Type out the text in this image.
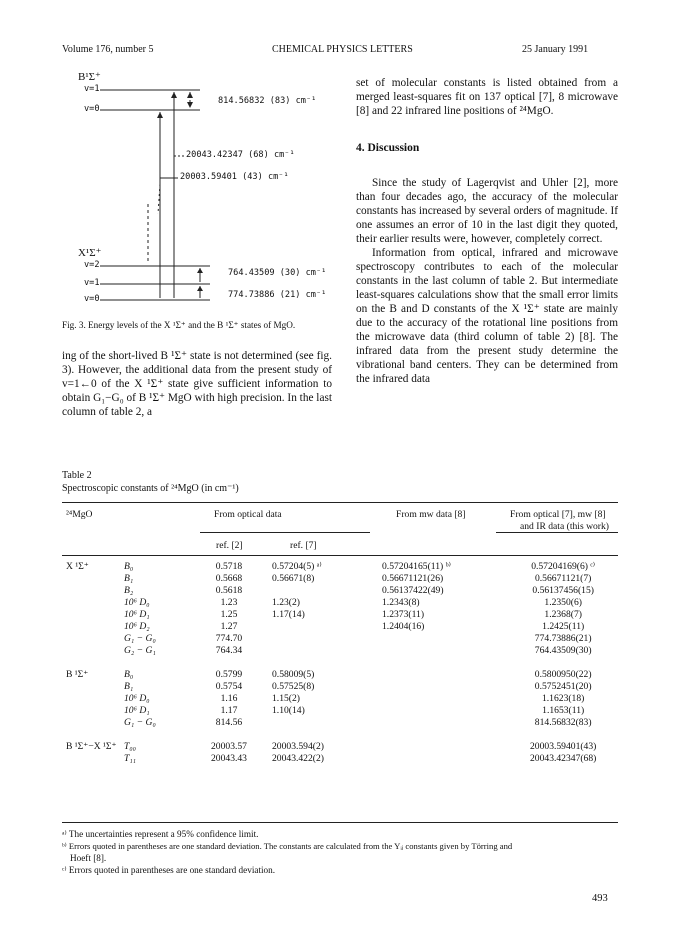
Volume 176, number 5	CHEMICAL PHYSICS LETTERS	25 January 1991
B¹Σ⁺
v=1
v=0
814.56832 (83) cm⁻¹
20043.42347 (68) cm⁻¹
20003.59401 (43) cm⁻¹
X¹Σ⁺
v=2
v=1
v=0
764.43509 (30) cm⁻¹
774.73886 (21) cm⁻¹
Fig. 3. Energy levels of the X ¹Σ⁺ and the B ¹Σ⁺ states of MgO.

ing of the short-lived B ¹Σ⁺ state is not determined (see fig. 3). However, the additional data from the present study of v=1←0 of the X ¹Σ⁺ state give sufficient information to obtain G₁−G₀ of B ¹Σ⁺ MgO with high precision. In the last column of table 2, a

set of molecular constants is listed obtained from a merged least-squares fit on 137 optical [7], 8 microwave [8] and 22 infrared line positions of ²⁴MgO.

4. Discussion

Since the study of Lagerqvist and Uhler [2], more than four decades ago, the accuracy of the molecular constants has increased by several orders of magnitude. If one assumes an error of 10 in the last digit they quoted, their earlier results were, however, completely correct.

Information from optical, infrared and microwave spectroscopy contributes to each of the molecular constants in the last column of table 2. But intermediate least-squares calculations show that the small error limits on the B and D constants of the X ¹Σ⁺ state are mainly due to the accuracy of the rotational line positions from the microwave data (third column of table 2) [8]. The infrared data from the present study determine the vibrational band centers. They can be determined from the infrared data

Table 2
Spectroscopic constants of ²⁴MgO (in cm⁻¹)
²⁴MgO	From optical data	From mw data [8]	From optical [7], mw [8]
and IR data (this work)
ref. [2]	ref. [7]
X ¹Σ⁺	B₀	0.5718	0.57204(5) ᵃ⁾	0.57204165(11) ᵇ⁾	0.57204169(6) ᶜ⁾
	B₁	0.5668	0.56671(8)	0.56671121(26)	0.56671121(7)
	B₂	0.5618		0.56137422(49)	0.56137456(15)
	10⁶ D₀	1.23	1.23(2)	1.2343(8)	1.2350(6)
	10⁶ D₁	1.25	1.17(14)	1.2373(11)	1.2368(7)
	10⁶ D₂	1.27		1.2404(16)	1.2425(11)
	G₁ − G₀	774.70			774.73886(21)
	G₂ − G₁	764.34			764.43509(30)

B ¹Σ⁺	B₀	0.5799	0.58009(5)		0.5800950(22)
	B₁	0.5754	0.57525(8)		0.5752451(20)
	10⁶ D₀	1.16	1.15(2)		1.1623(18)
	10⁶ D₁	1.17	1.10(14)		1.1653(11)
	G₁ − G₀	814.56			814.56832(83)

B ¹Σ⁺−X ¹Σ⁺	T₀₀	20003.57	20003.594(2)		20003.59401(43)
	T₁₁	20043.43	20043.422(2)		20043.42347(68)
ᵃ⁾ The uncertainties represent a 95% confidence limit.
ᵇ⁾ Errors quoted in parentheses are one standard deviation. The constants are calculated from the Yᵢⱼ constants given by Törring and
Hoeft [8].
ᶜ⁾ Errors quoted in parentheses are one standard deviation.
493
